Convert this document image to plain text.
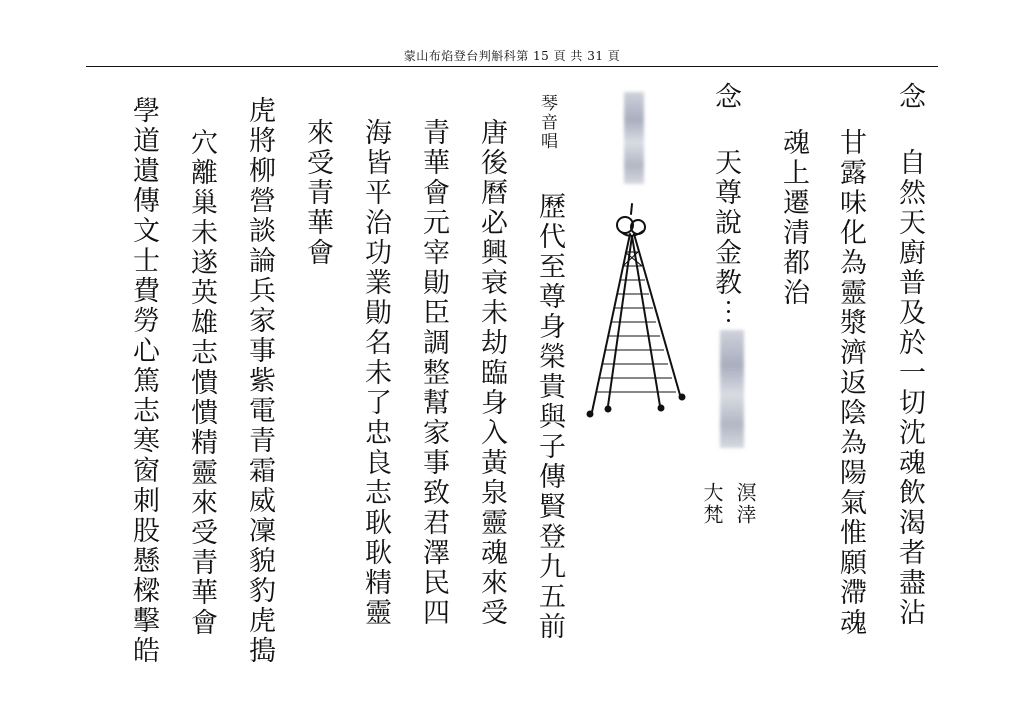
蒙山布焰登台判斛科第 15 頁 共 31 頁
念
自然天廚普及於一切沈魂飲渴者盡沾
甘露味化為靈漿濟返陰為陽氣惟願滯魂
魂上遷清都治
念
天尊說金教⋯
溟涬
大梵
琴音唱
歷代至尊身榮貴與子傳賢登九五前
唐後曆必興衰未劫臨身入黃泉靈魂來受
青華會元宰勛臣調整幫家事致君澤民四
海皆平治功業勛名未了忠良志耿耿精靈
來受青華會
虎將柳營談論兵家事紫電青霜威凜貌豹虎搗
穴離巢未遂英雄志憒憒精靈來受青華會
學道遺傳文士費勞心篤志寒窗刺股懸樑擊皓
